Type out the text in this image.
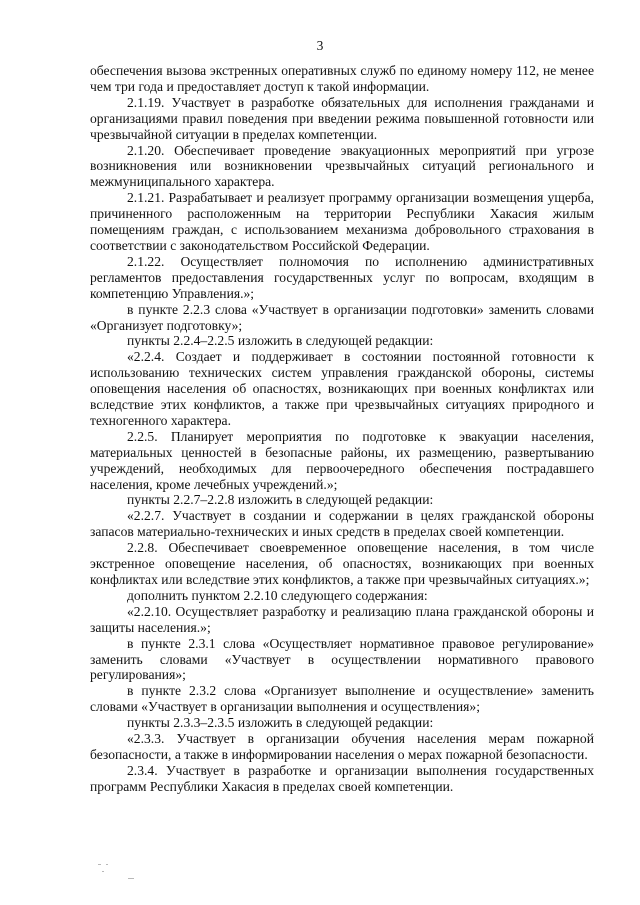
3

обеспечения вызова экстренных оперативных служб по единому номеру 112, не менее чем три года и предоставляет доступ к такой информации.

2.1.19. Участвует в разработке обязательных для исполнения гражданами и организациями правил поведения при введении режима повышенной готовности или чрезвычайной ситуации в пределах компетенции.

2.1.20. Обеспечивает проведение эвакуационных мероприятий при угрозе возникновения или возникновении чрезвычайных ситуаций регионального и межмуниципального характера.

2.1.21. Разрабатывает и реализует программу организации возмещения ущерба, причиненного расположенным на территории Республики Хакасия жилым помещениям граждан, с использованием механизма добровольного страхования в соответствии с законодательством Российской Федерации.

2.1.22. Осуществляет полномочия по исполнению административных регламентов предоставления государственных услуг по вопросам, входящим в компетенцию Управления.»;

в пункте 2.2.3 слова «Участвует в организации подготовки» заменить словами «Организует подготовку»;

пункты 2.2.4–2.2.5 изложить в следующей редакции:

«2.2.4. Создает и поддерживает в состоянии постоянной готовности к использованию технических систем управления гражданской обороны, системы оповещения населения об опасностях, возникающих при военных конфликтах или вследствие этих конфликтов, а также при чрезвычайных ситуациях природного и техногенного характера.

2.2.5. Планирует мероприятия по подготовке к эвакуации населения, материальных ценностей в безопасные районы, их размещению, развертыванию учреждений, необходимых для первоочередного обеспечения пострадавшего населения, кроме лечебных учреждений.»;

пункты 2.2.7–2.2.8 изложить в следующей редакции:

«2.2.7. Участвует в создании и содержании в целях гражданской обороны запасов материально-технических и иных средств в пределах своей компетенции.

2.2.8. Обеспечивает своевременное оповещение населения, в том числе экстренное оповещение населения, об опасностях, возникающих при военных конфликтах или вследствие этих конфликтов, а также при чрезвычайных ситуациях.»;

дополнить пунктом 2.2.10 следующего содержания:

«2.2.10. Осуществляет разработку и реализацию плана гражданской обороны и защиты населения.»;

в пункте 2.3.1 слова «Осуществляет нормативное правовое регулирование» заменить словами «Участвует в осуществлении нормативного правового регулирования»;

в пункте 2.3.2 слова «Организует выполнение и осуществление» заменить словами «Участвует в организации выполнения и осуществления»;

пункты 2.3.3–2.3.5 изложить в следующей редакции:

«2.3.3. Участвует в организации обучения населения мерам пожарной безопасности, а также в информировании населения о мерах пожарной безопасности.

2.3.4. Участвует в разработке и организации выполнения государственных программ Республики Хакасия в пределах своей компетенции.
